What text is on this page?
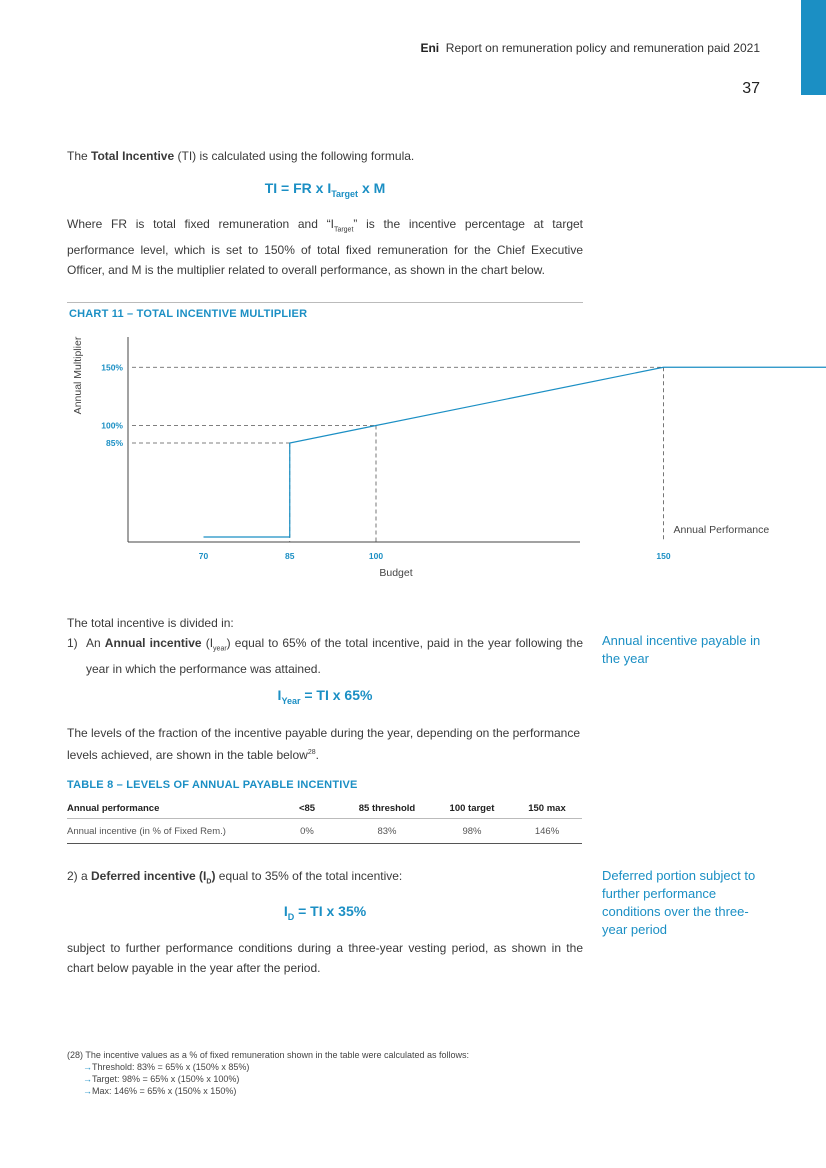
Eni Report on remuneration policy and remuneration paid 2021
37
The Total Incentive (TI) is calculated using the following formula.
TI = FR x $I_{Target}$ x M
Where FR is total fixed remuneration and “$I_{Target}$” is the incentive percentage at target performance level, which is set to 150% of total fixed remuneration for the Chief Executive Officer, and M is the multiplier related to overall performance, as shown in the chart below.
CHART 11 – TOTAL INCENTIVE MULTIPLIER
150%
100%
85%
70	85	100	150
Annual Multiplier
Annual Performance
Budget
The total incentive is divided in:
1) An Annual incentive $(I_{year})$ equal to 65% of the total incentive, paid in the year following the year in which the performance was attained.
$I_{Year}$ = TI x 65%
The levels of the fraction of the incentive payable during the year, depending on the performance levels achieved, are shown in the table below$^{28}$.
TABLE 8 – LEVELS OF ANNUAL PAYABLE INCENTIVE
Annual performance	<85	85 threshold	100 target	150 max
Annual incentive (in % of Fixed Rem.)	0%	83%	98%	146%
2) a Deferred incentive $(I_D)$ equal to 35% of the total incentive:
$I_D$ = TI x 35%
subject to further performance conditions during a three-year vesting period, as shown in the chart below payable in the year after the period.
Annual incentive payable in the year
Deferred portion subject to further performance conditions over the three-year period
(28) The incentive values as a % of fixed remuneration shown in the table were calculated as follows:
→Threshold: 83% = 65% x (150% x 85%)
→Target: 98% = 65% x (150% x 100%)
→Max: 146% = 65% x (150% x 150%)
